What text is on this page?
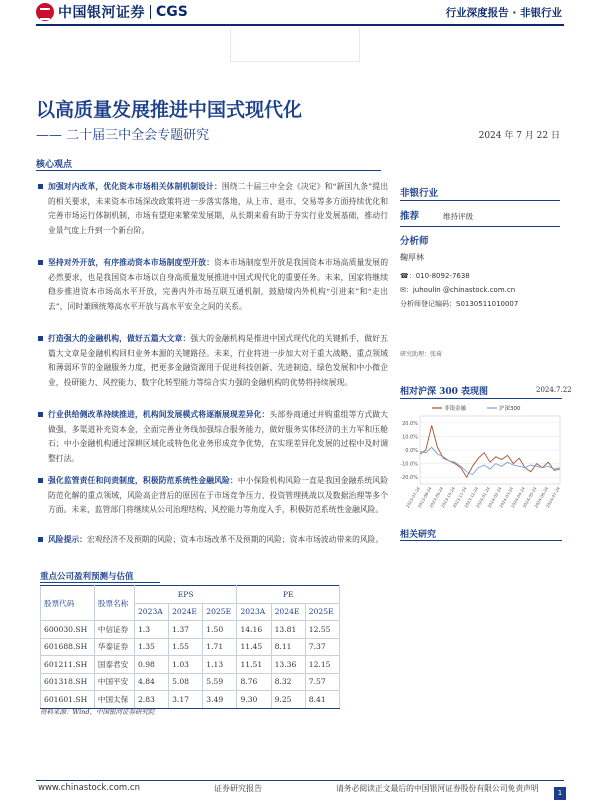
中国银河证券 CGS	行业深度报告 · 非银行业
以高质量发展推进中国式现代化
—— 二十届三中全会专题研究	2024 年 7 月 22 日
核心观点
加强对内改革，优化资本市场相关体制机制设计：围绕二十届三中全会《决定》和“新国九条”提出的相关要求，未来资本市场深改政策将进一步落实落地，从上市、退市、交易等多方面持续优化和完善市场运行体制机制，市场有望迎来繁荣发展期，从长期来看有助于夯实行业发展基础，推动行业景气度上升到一个新台阶。
坚持对外开放，有序推动资本市场制度型开放：资本市场制度型开放是我国资本市场高质量发展的必然要求，也是我国资本市场以自身高质量发展推进中国式现代化的重要任务。未来，国家将继续稳步推进资本市场高水平开放，完善内外市场互联互通机制，鼓励境内外机构“引进来”和“走出去”，同时兼顾统筹高水平开放与高水平安全之间的关系。
打造强大的金融机构，做好五篇大文章：强大的金融机构是推进中国式现代化的关键抓手，做好五篇大文章是金融机构回归业务本源的关键路径。未来，行业将进一步加大对于重大战略、重点领域和薄弱环节的金融服务力度，把更多金融资源用于促进科技创新、先进制造、绿色发展和中小微企业，投研能力、风控能力、数字化转型能力等综合实力强的金融机构的优势将持续展现。
行业供给侧改革持续推进，机构间发展模式将逐渐展现差异化：头部券商通过并购重组等方式做大做强，多渠道补充资本金，全面完善业务线加强综合服务能力，做好服务实体经济的主力军和压舱石；中小金融机构通过深耕区域化或特色化业务形成竞争优势，在实现差异化发展的过程中及时调整打法。
强化监管责任和问责制度，积极防范系统性金融风险：中小保险机构风险一直是我国金融系统风险防范化解的重点领域，风险高企背后的原因在于市场竞争压力、投资管理挑战以及数据治理等多个方面。未来，监管部门将继续从公司治理结构、风控能力等角度入手，积极防范系统性金融风险。
风险提示：宏观经济不及预期的风险；资本市场改革不及预期的风险；资本市场波动带来的风险。
非银行业
推荐	维持评级
分析师
鞠厚林
☎：010-8092-7638
✉：juhoulin @chinastock.com.cn
分析师登记编码：S0130511010007
研究助理：张琦
相对沪深 300 表现图	2024.7.22
20.0%
10.0%
0.0%
-10.0%
-20.0%
2023-07-24
2023-08-24
2023-09-24
2023-10-24
2023-11-24
2023-12-24
2024-01-24
2024-02-24
2024-03-24
2024-04-24
2024-05-24
2024-06-24
2024-07-24
非银金融	沪深300
相关研究
重点公司盈利预测与估值
股票代码	股票名称	EPS			PE		
		2023A	2024E	2025E	2023A	2024E	2025E
600030.SH	中信证券	1.3	1.37	1.50	14.16	13.81	12.55
601688.SH	华泰证券	1.35	1.55	1.71	11.45	8.11	7.37
601211.SH	国泰君安	0.98	1.03	1.13	11.51	13.36	12.15
601318.SH	中国平安	4.84	5.08	5.59	8.76	8.32	7.57
601601.SH	中国太保	2.83	3.17	3.49	9.30	9.25	8.41
资料来源：Wind、中国银河证券研究院
www.chinastock.com.cn	证券研究报告	请务必阅读正文最后的中国银河证券股份有限公司免责声明	1
